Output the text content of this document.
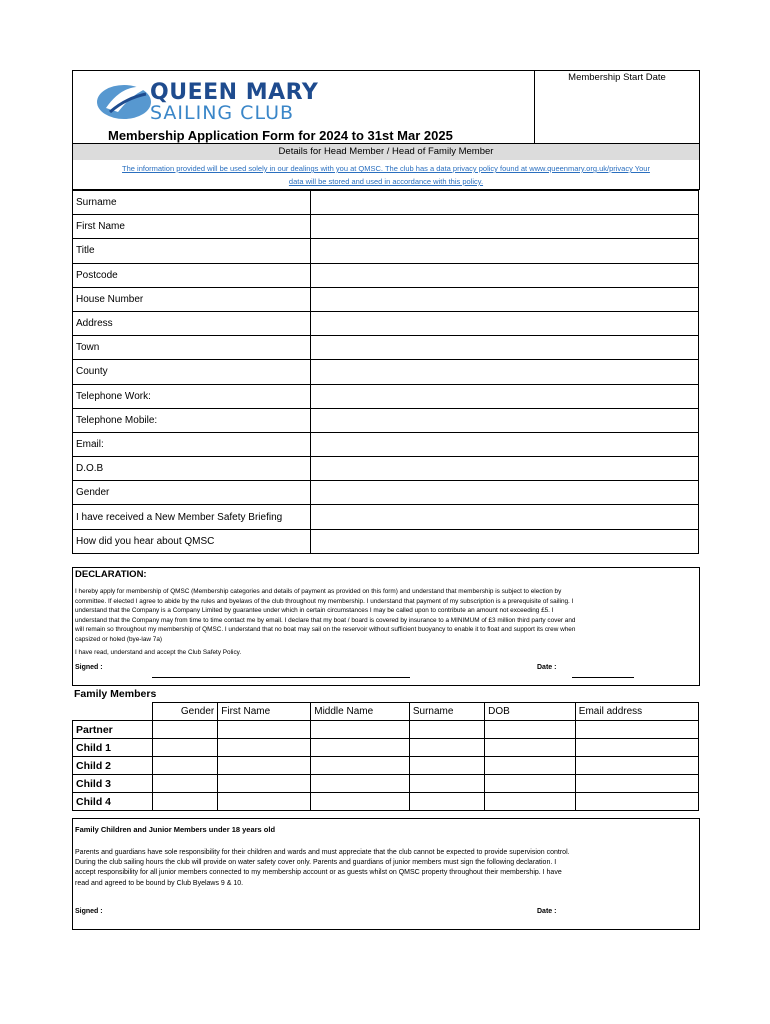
Membership Start Date
QUEEN MARY
SAILING CLUB
Membership Application Form for 2024 to 31st Mar 2025
Details for Head Member / Head of Family Member
The information provided will be used solely in our dealings with you at QMSC. The club has a data privacy policy found at www.queenmary.org.uk/privacy Your
data will be stored and used in accordance with this policy.
Surname	
First Name	
Title	
Postcode	
House Number	
Address	
Town	
County	
Telephone Work:	
Telephone Mobile:	
Email:	
D.O.B	
Gender	
I have received a New Member Safety Briefing	
How did you hear about QMSC	
DECLARATION:
I hereby apply for membership of QMSC (Membership categories and details of payment as provided on this form) and understand that membership is subject to election by
committee. If elected I agree to abide by the rules and byelaws of the club throughout my membership. I understand that payment of my subscription is a prerequisite of sailing. I
understand that the Company is a Company Limited by guarantee under which in certain circumstances I may be called upon to contribute an amount not exceeding £5. I
understand that the Company may from time to time contact me by email. I declare that my boat / board is covered by insurance to a MINIMUM of £3 million third party cover and
will remain so throughout my membership of QMSC. I understand that no boat may sail on the reservoir without sufficient buoyancy to enable it to float and support its crew when
capsized or holed (bye-law 7a)
I have read, understand and accept the Club Safety Policy.
Signed :	Date :
Family Members
	Gender	First Name	Middle Name	Surname	DOB	Email address
Partner						
Child 1						
Child 2						
Child 3						
Child 4						
Family Children and Junior Members under 18 years old
Parents and guardians have sole responsibility for their children and wards and must appreciate that the club cannot be expected to provide supervision control.
During the club sailing hours the club will provide on water safety cover only. Parents and guardians of junior members must sign the following declaration. I
accept responsibility for all junior members connected to my membership account or as guests whilst on QMSC property throughout their membership. I have
read and agreed to be bound by Club Byelaws 9 & 10.
Signed :	Date :
